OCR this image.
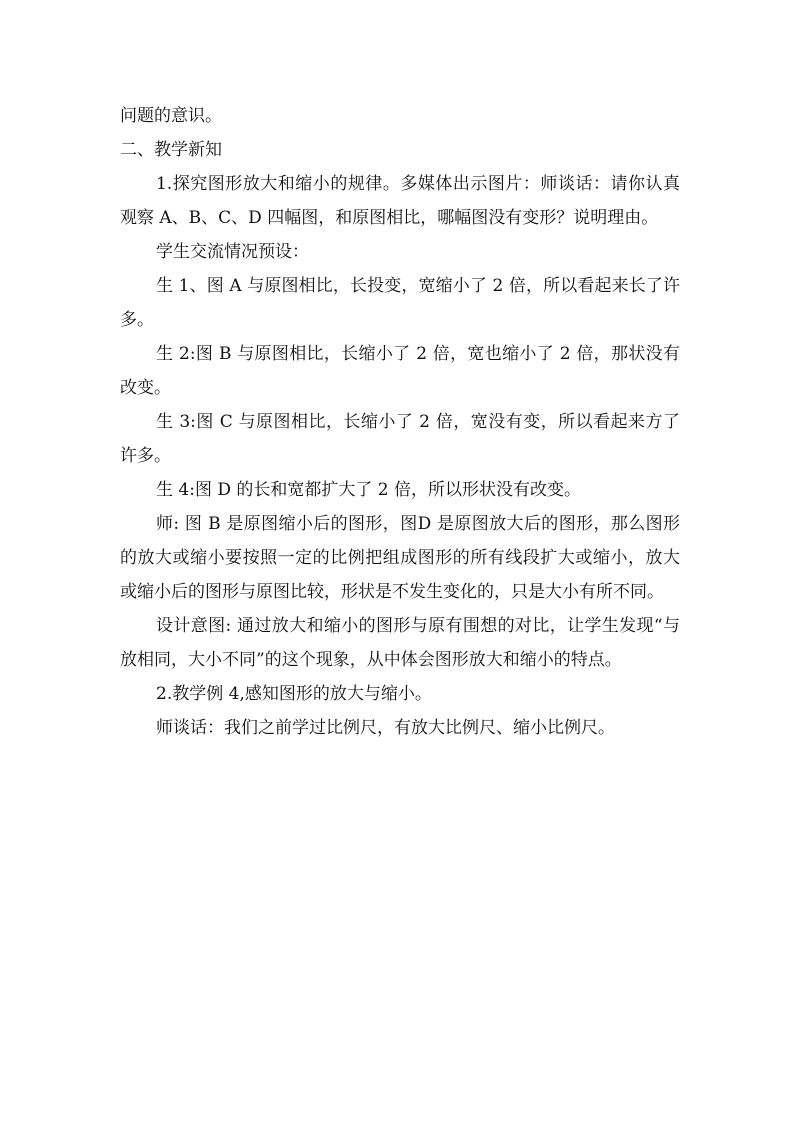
问题的意识。

二、教学新知

1.探究图形放大和缩小的规律。多媒体出示图片：师谈话：请你认真观察 A、B、C、D 四幅图，和原图相比，哪幅图没有变形？说明理由。

学生交流情况预设：

生 1、图 A 与原图相比，长投变，宽缩小了 2 倍，所以看起来长了许多。

生 2:图 B 与原图相比，长缩小了 2 倍，宽也缩小了 2 倍，那状没有改变。

生 3:图 C 与原图相比，长缩小了 2 倍，宽没有变，所以看起来方了许多。

生 4:图 D 的长和宽都扩大了 2 倍，所以形状没有改变。

师: 图 B 是原图缩小后的图形，图D 是原图放大后的图形，那么图形的放大或缩小要按照一定的比例把组成图形的所有线段扩大或缩小，放大或缩小后的图形与原图比较，形状是不发生变化的，只是大小有所不同。

设计意图: 通过放大和缩小的图形与原有围想的对比，让学生发现“与放相同，大小不同”的这个现象，从中体会图形放大和缩小的特点。

2.教学例 4,感知图形的放大与缩小。

师谈话：我们之前学过比例尺，有放大比例尺、缩小比例尺。
